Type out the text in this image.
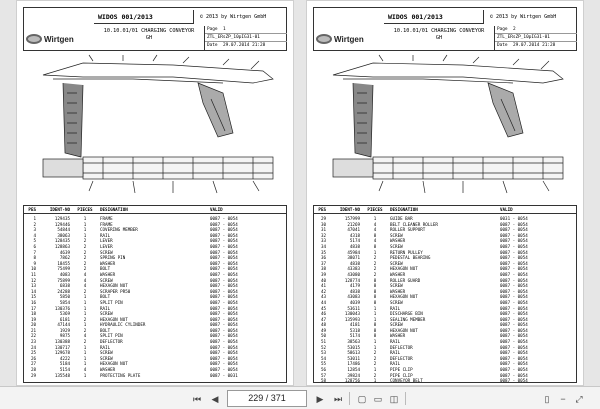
WIDOS 001/2013	© 2013 by Wirtgen GmbH
Wirtgen
10.10.01/01 CHARGING CONVEYOR
GH
Page	1
ZTL_ERsZP_10pIG31-01
Date	29.07.2014 21:28
PES	IDENT-NO	PIECES	DESIGNATION	VALID
1	129435	1	FRAME	0087 - 0054
2	129446	1	FRAME	0087 - 0054
3	54844	1	COVERING MEMBER	0087 - 0054
4	38063	1	RAIL	0087 - 0054
5	128435	2	LEVER	0087 - 0054
6	128863	2	LEVER	0087 - 0054
7	4639	2	SCREW	0087 - 0054
8	7862	2	SPRING PIN	0087 - 0054
9	18455	2	WASHER	0087 - 0054
10	75499	2	BOLT	0087 - 0054
11	4083	4	WASHER	0087 - 0054
12	75899	4	SCREW	0087 - 0054
13	6838	4	HEXAGON NUT	0087 - 0054
14	24288	2	SCRAPER PR50	0087 - 0054
15	5850	1	BOLT	0087 - 0054
16	5854	1	SPLIT PIN	0087 - 0054
17	130376	1	RAIL	0087 - 0054
18	5369	1	SCREW	0087 - 0054
19	6181	2	HEXAGON NUT	0087 - 0054
20	47144	1	HYDRAULIC CYLINDER	0087 - 0054
21	1929	2	BOLT	0087 - 0054
22	9875	4	SPLIT PIN	0087 - 0054
23	130388	2	DEFLECTOR	0087 - 0054
24	130717	1	RAIL	0087 - 0054
25	129678	1	SCREW	0087 - 0054
26	4222	1	SCREW	0087 - 0054
27	5184	1	HEXAGON NUT	0087 - 0054
28	5154	4	WASHER	0087 - 0054
29	135548	1	PROTECTING PLATE	0087 - 0031
WIDOS 001/2013	© 2013 by Wirtgen GmbH
Wirtgen
10.10.01/01 CHARGING CONVEYOR
GH
Page	2
ZTL_ERsZP_10pIG31-01
Date	29.07.2014 21:28
PES	IDENT-NO	PIECES	DESIGNATION	VALID
29	157999	1	GUIDE BAR	0031 - 0054
30	21269	4	BELT CLEANER ROLLER	0087 - 0054
31	47041	4	ROLLER SUPPORT	0087 - 0054
32	4318	8	SCREW	0087 - 0054
33	5174	4	WASHER	0087 - 0054
34	4838	8	SCREW	0087 - 0054
35	45984	1	RETURN PULLEY	0087 - 0054
36	38071	2	PEDESTAL BEARING	0087 - 0054
37	4838	2	SCREW	0087 - 0054
38	43383	2	HEXAGON NUT	0087 - 0054
39	43080	2	WASHER	0087 - 0054
40	128774	8	ROLLER GUARD	0087 - 0054
41	4179	8	SCREW	0087 - 0054
42	4838	8	WASHER	0087 - 0054
43	43083	8	HEXAGON NUT	0087 - 0054
44	4039	8	SCREW	0087 - 0054
45	53611	1	RAIL	0087 - 0054
46	130043	1	DISCHARGE BIN	0087 - 0054
47	135993	1	SEALING MEMBER	0087 - 0054
48	4181	8	SCREW	0087 - 0054
49	5318	8	HEXAGON NUT	0087 - 0054
50	5174	8	WASHER	0087 - 0054
51	38563	1	RAIL	0087 - 0054
52	53015	1	DEFLECTOR	0087 - 0054
53	58613	2	RAIL	0087 - 0054
54	53011	2	DEFLECTOR	0087 - 0054
55	17486	2	RAIL	0087 - 0054
56	12854	1	PIPE CLIP	0087 - 0054
57	39824	2	PIPE CLIP	0087 - 0054
58	128756	1	CONVEYOR BELT	0087 - 0054
⏮	◀	229 / 371	▶	⏭	▢ ▭ ◫	▯	−	⤢
